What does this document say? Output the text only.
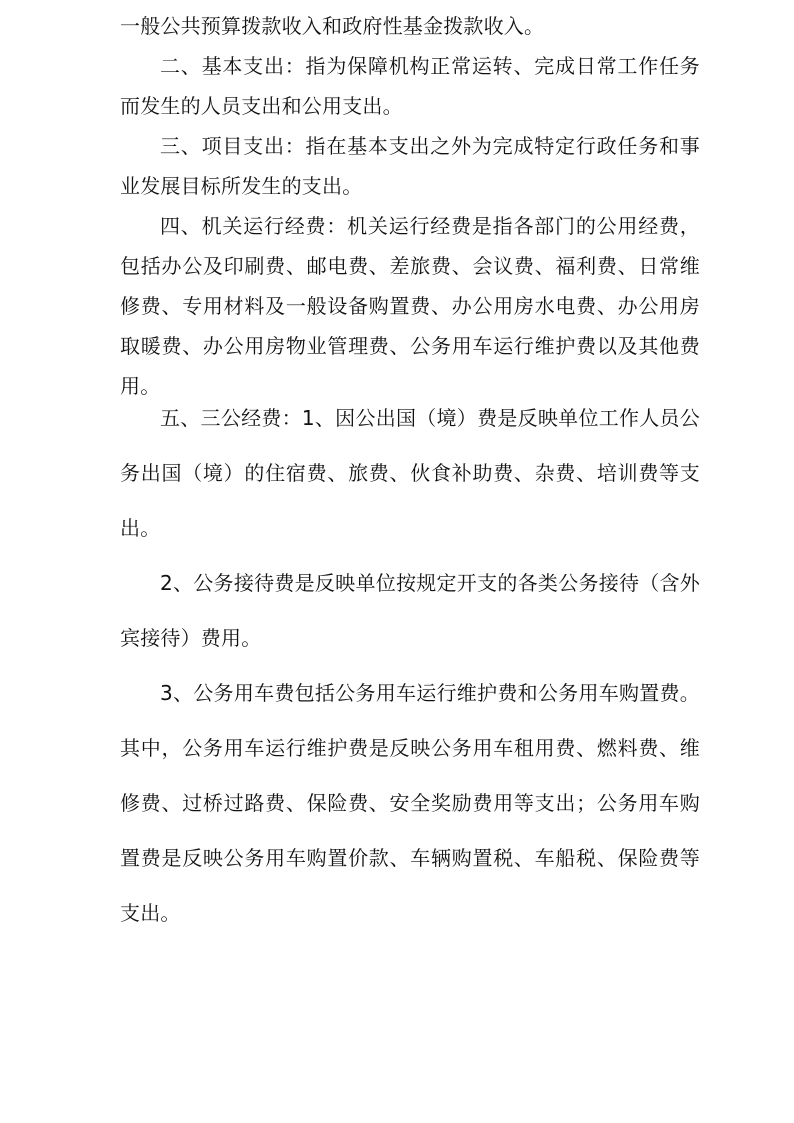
一般公共预算拨款收入和政府性基金拨款收入。

二、基本支出：指为保障机构正常运转、完成日常工作任务而发生的人员支出和公用支出。

三、项目支出：指在基本支出之外为完成特定行政任务和事业发展目标所发生的支出。

四、机关运行经费：机关运行经费是指各部门的公用经费，包括办公及印刷费、邮电费、差旅费、会议费、福利费、日常维修费、专用材料及一般设备购置费、办公用房水电费、办公用房取暖费、办公用房物业管理费、公务用车运行维护费以及其他费用。

五、三公经费：1、因公出国（境）费是反映单位工作人员公务出国（境）的住宿费、旅费、伙食补助费、杂费、培训费等支出。

2、公务接待费是反映单位按规定开支的各类公务接待（含外宾接待）费用。

3、公务用车费包括公务用车运行维护费和公务用车购置费。其中，公务用车运行维护费是反映公务用车租用费、燃料费、维修费、过桥过路费、保险费、安全奖励费用等支出；公务用车购置费是反映公务用车购置价款、车辆购置税、车船税、保险费等支出。
